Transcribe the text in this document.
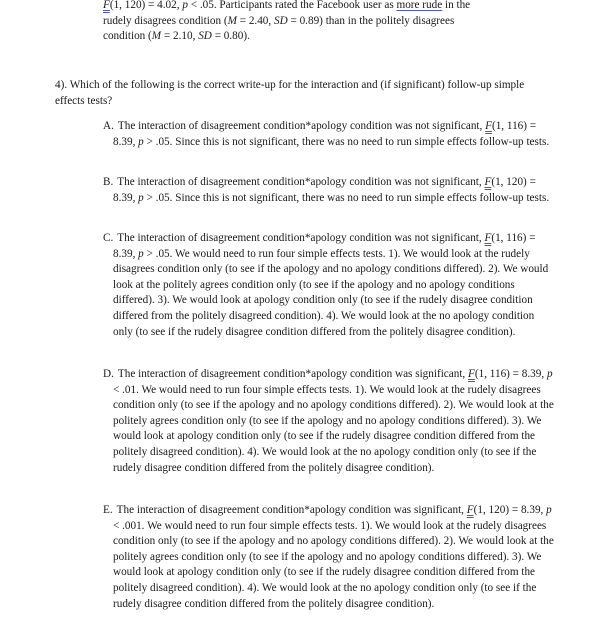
F(1, 120) = 4.02, p < .05. Participants rated the Facebook user as more rude in the

rudely disagrees condition (M = 2.40, SD = 0.89) than in the politely disagrees

condition (M = 2.10, SD = 0.80).

4). Which of the following is the correct write-up for the interaction and (if significant) follow-up simple effects tests?

A. The interaction of disagreement condition*apology condition was not significant, F(1, 116) = 8.39, p > .05. Since this is not significant, there was no need to run simple effects follow-up tests.
B. The interaction of disagreement condition*apology condition was not significant, F(1, 120) = 8.39, p > .05. Since this is not significant, there was no need to run simple effects follow-up tests.
C. The interaction of disagreement condition*apology condition was not significant, F(1, 116) = 8.39, p > .05. We would need to run four simple effects tests. 1). We would look at the rudely disagrees condition only (to see if the apology and no apology conditions differed). 2). We would look at the politely agrees condition only (to see if the apology and no apology conditions differed). 3). We would look at apology condition only (to see if the rudely disagree condition differed from the politely disagreed condition). 4). We would look at the no apology condition only (to see if the rudely disagree condition differed from the politely disagree condition).
D. The interaction of disagreement condition*apology condition was significant, F(1, 116) = 8.39, p < .01. We would need to run four simple effects tests. 1). We would look at the rudely disagrees condition only (to see if the apology and no apology conditions differed). 2). We would look at the politely agrees condition only (to see if the apology and no apology conditions differed). 3). We would look at apology condition only (to see if the rudely disagree condition differed from the politely disagreed condition). 4). We would look at the no apology condition only (to see if the rudely disagree condition differed from the politely disagree condition).
E. The interaction of disagreement condition*apology condition was significant, F(1, 120) = 8.39, p < .001. We would need to run four simple effects tests. 1). We would look at the rudely disagrees condition only (to see if the apology and no apology conditions differed). 2). We would look at the politely agrees condition only (to see if the apology and no apology conditions differed). 3). We would look at apology condition only (to see if the rudely disagree condition differed from the politely disagreed condition). 4). We would look at the no apology condition only (to see if the rudely disagree condition differed from the politely disagree condition).
